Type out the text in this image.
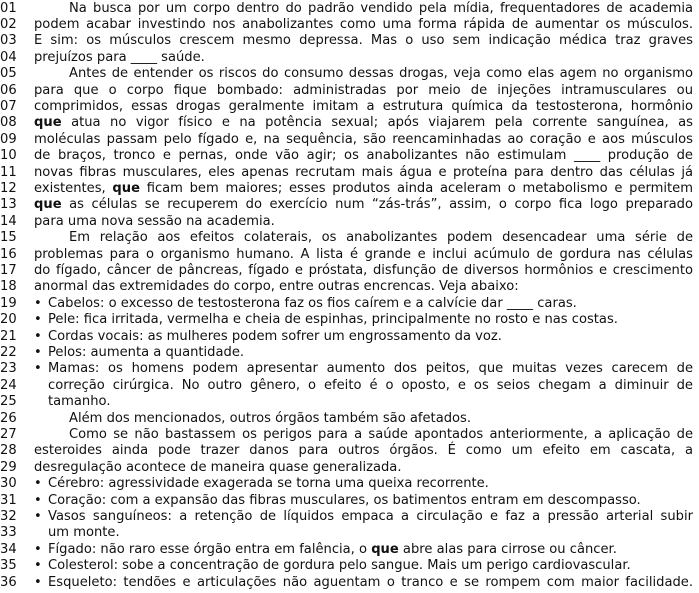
01	Na busca por um corpo dentro do padrão vendido pela mídia, frequentadores de academia
02	podem acabar investindo nos anabolizantes como uma forma rápida de aumentar os músculos.
03	E sim: os músculos crescem mesmo depressa. Mas o uso sem indicação médica traz graves
04	prejuízos para ____ saúde.
05	Antes de entender os riscos do consumo dessas drogas, veja como elas agem no organismo
06	para que o corpo fique bombado: administradas por meio de injeções intramusculares ou
07	comprimidos, essas drogas geralmente imitam a estrutura química da testosterona, hormônio
08	que atua no vigor físico e na potência sexual; após viajarem pela corrente sanguínea, as
09	moléculas passam pelo fígado e, na sequência, são reencaminhadas ao coração e aos músculos
10	de braços, tronco e pernas, onde vão agir; os anabolizantes não estimulam ____ produção de
11	novas fibras musculares, eles apenas recrutam mais água e proteína para dentro das células já
12	existentes, que ficam bem maiores; esses produtos ainda aceleram o metabolismo e permitem
13	que as células se recuperem do exercício num “zás-trás”, assim, o corpo fica logo preparado
14	para uma nova sessão na academia.
15	Em relação aos efeitos colaterais, os anabolizantes podem desencadear uma série de
16	problemas para o organismo humano. A lista é grande e inclui acúmulo de gordura nas células
17	do fígado, câncer de pâncreas, fígado e próstata, disfunção de diversos hormônios e crescimento
18	anormal das extremidades do corpo, entre outras encrencas. Veja abaixo:
19	• Cabelos: o excesso de testosterona faz os fios caírem e a calvície dar ____ caras.
20	• Pele: fica irritada, vermelha e cheia de espinhas, principalmente no rosto e nas costas.
21	• Cordas vocais: as mulheres podem sofrer um engrossamento da voz.
22	• Pelos: aumenta a quantidade.
23	• Mamas: os homens podem apresentar aumento dos peitos, que muitas vezes carecem de
24	correção cirúrgica. No outro gênero, o efeito é o oposto, e os seios chegam a diminuir de
25	tamanho.
26	Além dos mencionados, outros órgãos também são afetados.
27	Como se não bastassem os perigos para a saúde apontados anteriormente, a aplicação de
28	esteroides ainda pode trazer danos para outros órgãos. É como um efeito em cascata, a
29	desregulação acontece de maneira quase generalizada.
30	• Cérebro: agressividade exagerada se torna uma queixa recorrente.
31	• Coração: com a expansão das fibras musculares, os batimentos entram em descompasso.
32	• Vasos sanguíneos: a retenção de líquidos empaca a circulação e faz a pressão arterial subir
33	um monte.
34	• Fígado: não raro esse órgão entra em falência, o que abre alas para cirrose ou câncer.
35	• Colesterol: sobe a concentração de gordura pelo sangue. Mais um perigo cardiovascular.
36	• Esqueleto: tendões e articulações não aguentam o tranco e se rompem com maior facilidade.
